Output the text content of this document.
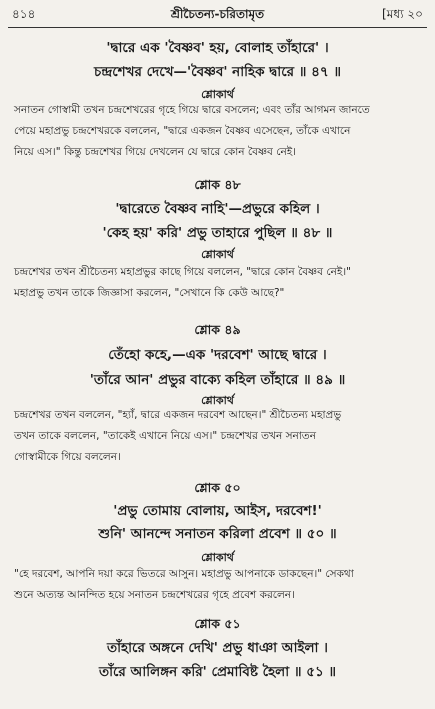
৪১৪	শ্রীচৈতন্য-চরিতামৃত	[মধ্য ২০
'দ্বারে এক 'বৈষ্ণব' হয়, বোলাহ তাঁহারে' ।
চন্দ্রশেখর দেখে—'বৈষ্ণব' নাহিক দ্বারে ॥ ৪৭ ॥
শ্লোকার্থ
সনাতন গোস্বামী তখন চন্দ্রশেখরের গৃহে গিয়ে দ্বারে বসলেন; এবং তাঁর আগমন জানতে
পেয়ে মহাপ্রভু চন্দ্রশেখরকে বললেন, "দ্বারে একজন বৈষ্ণব এসেছেন, তাঁকে এখানে
নিয়ে এস।" কিন্তু চন্দ্রশেখর গিয়ে দেখলেন যে দ্বারে কোন বৈষ্ণব নেই।
শ্লোক ৪৮
'দ্বারেতে বৈষ্ণব নাহি'—প্রভুরে কহিল ।
'কেহ হয়' করি' প্রভু তাহারে পুছিল ॥ ৪৮ ॥
শ্লোকার্থ
চন্দ্রশেখর তখন শ্রীচৈতন্য মহাপ্রভুর কাছে গিয়ে বললেন, "দ্বারে কোন বৈষ্ণব নেই।"
মহাপ্রভু তখন তাকে জিজ্ঞাসা করলেন, "সেখানে কি কেউ আছে?"
শ্লোক ৪৯
তেঁহো কহে,—এক 'দরবেশ' আছে দ্বারে ।
'তাঁরে আন' প্রভুর বাক্যে কহিল তাঁহারে ॥ ৪৯ ॥
শ্লোকার্থ
চন্দ্রশেখর তখন বললেন, "হ্যাঁ, দ্বারে একজন দরবেশ আছেন।" শ্রীচৈতন্য মহাপ্রভু
তখন তাকে বললেন, "তাকেই এখানে নিয়ে এস।" চন্দ্রশেখর তখন সনাতন
গোস্বামীকে গিয়ে বললেন।
শ্লোক ৫০
'প্রভু তোমায় বোলায়, আইস, দরবেশ!'
শুনি' আনন্দে সনাতন করিলা প্রবেশ ॥ ৫০ ॥
শ্লোকার্থ
"হে দরবেশ, আপনি দয়া করে ভিতরে আসুন। মহাপ্রভু আপনাকে ডাকছেন।" সেকথা
শুনে অত্যন্ত আনন্দিত হয়ে সনাতন চন্দ্রশেখরের গৃহে প্রবেশ করলেন।
শ্লোক ৫১
তাঁহারে অঙ্গনে দেখি' প্রভু ধাঞা আইলা ।
তাঁরে আলিঙ্গন করি' প্রেমাবিষ্ট হৈলা ॥ ৫১ ॥
